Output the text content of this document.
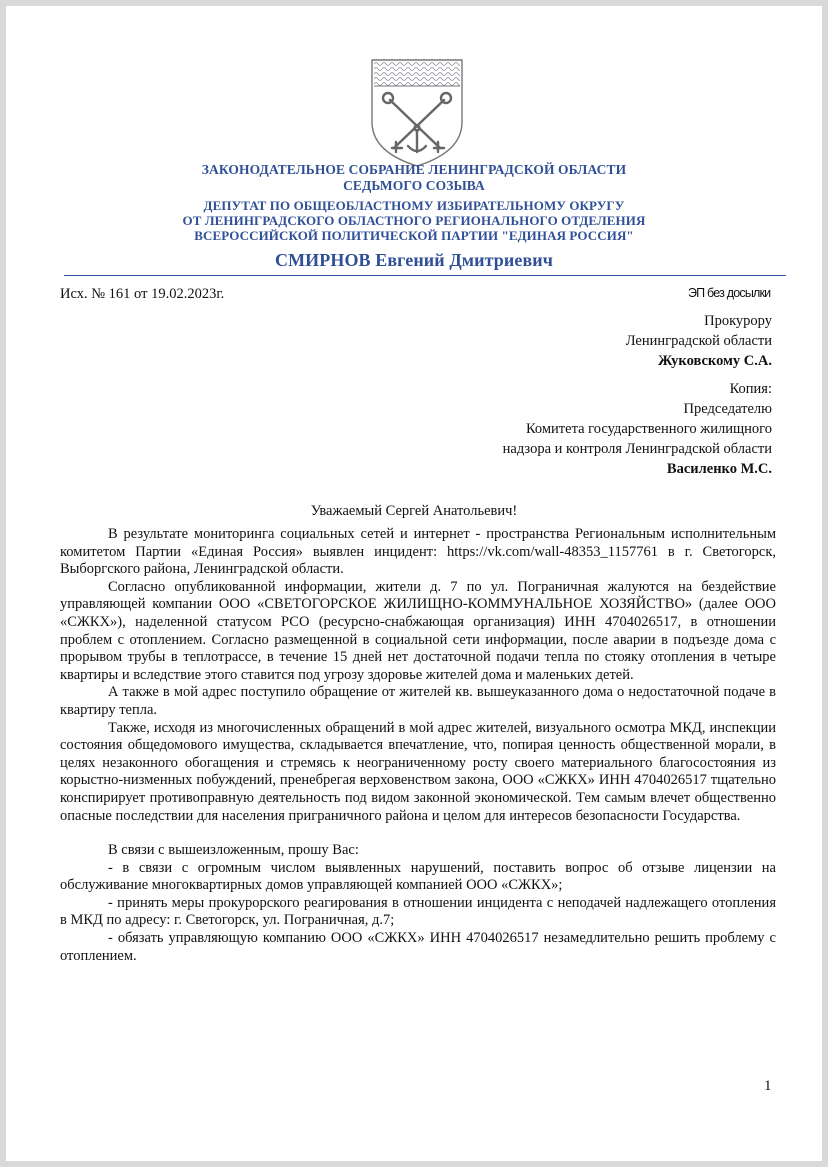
ЗАКОНОДАТЕЛЬНОЕ СОБРАНИЕ ЛЕНИНГРАДСКОЙ ОБЛАСТИ

СЕДЬМОГО СОЗЫВА

ДЕПУТАТ ПО ОБЩЕОБЛАСТНОМУ ИЗБИРАТЕЛЬНОМУ ОКРУГУ

ОТ ЛЕНИНГРАДСКОГО ОБЛАСТНОГО РЕГИОНАЛЬНОГО ОТДЕЛЕНИЯ

ВСЕРОССИЙСКОЙ ПОЛИТИЧЕСКОЙ ПАРТИИ "ЕДИНАЯ РОССИЯ"

СМИРНОВ Евгений Дмитриевич

Исх. № 161 от 19.02.2023г.	ЭП без досылки
Прокурору
Ленинградской области
Жуковскому С.А.
Копия:
Председателю
Комитета государственного жилищного
надзора и контроля Ленинградской области
Василенко М.С.
Уважаемый Сергей Анатольевич!

В результате мониторинга социальных сетей и интернет - пространства Региональным исполнительным комитетом Партии «Единая Россия» выявлен инцидент: https://vk.com/wall-48353_1157761 в г. Светогорск, Выборгского района, Ленинградской области.

Согласно опубликованной информации, жители д. 7 по ул. Пограничная жалуются на бездействие управляющей компании ООО «СВЕТОГОРСКОЕ ЖИЛИЩНО-КОММУНАЛЬНОЕ ХОЗЯЙСТВО» (далее ООО «СЖКХ»), наделенной статусом РСО (ресурсно-снабжающая организация) ИНН 4704026517, в отношении проблем с отоплением. Согласно размещенной в социальной сети информации, после аварии в подъезде дома с прорывом трубы в теплотрассе, в течение 15 дней нет достаточной подачи тепла по стояку отопления в четыре квартиры и вследствие этого ставится под угрозу здоровье жителей дома и маленьких детей.

А также в мой адрес поступило обращение от жителей кв. вышеуказанного дома о недостаточной подаче в квартиру тепла.

Также, исходя из многочисленных обращений в мой адрес жителей, визуального осмотра МКД, инспекции состояния общедомового имущества, складывается впечатление, что, попирая ценность общественной морали, в целях незаконного обогащения и стремясь к неограниченному росту своего материального благосостояния из корыстно-низменных побуждений, пренебрегая верховенством закона, ООО «СЖКХ» ИНН 4704026517 тщательно конспирирует противоправную деятельность под видом законной экономической. Тем самым влечет общественно опасные последствии для населения приграничного района и целом для интересов безопасности Государства.

В связи с вышеизложенным, прошу Вас:

- в связи с огромным числом выявленных нарушений, поставить вопрос об отзыве лицензии на обслуживание многоквартирных домов управляющей компанией ООО «СЖКХ»;

- принять меры прокурорского реагирования в отношении инцидента с неподачей надлежащего отопления в МКД по адресу: г. Светогорск, ул. Пограничная, д.7;

- обязать управляющую компанию ООО «СЖКХ» ИНН 4704026517 незамедлительно решить проблему с отоплением.

1
